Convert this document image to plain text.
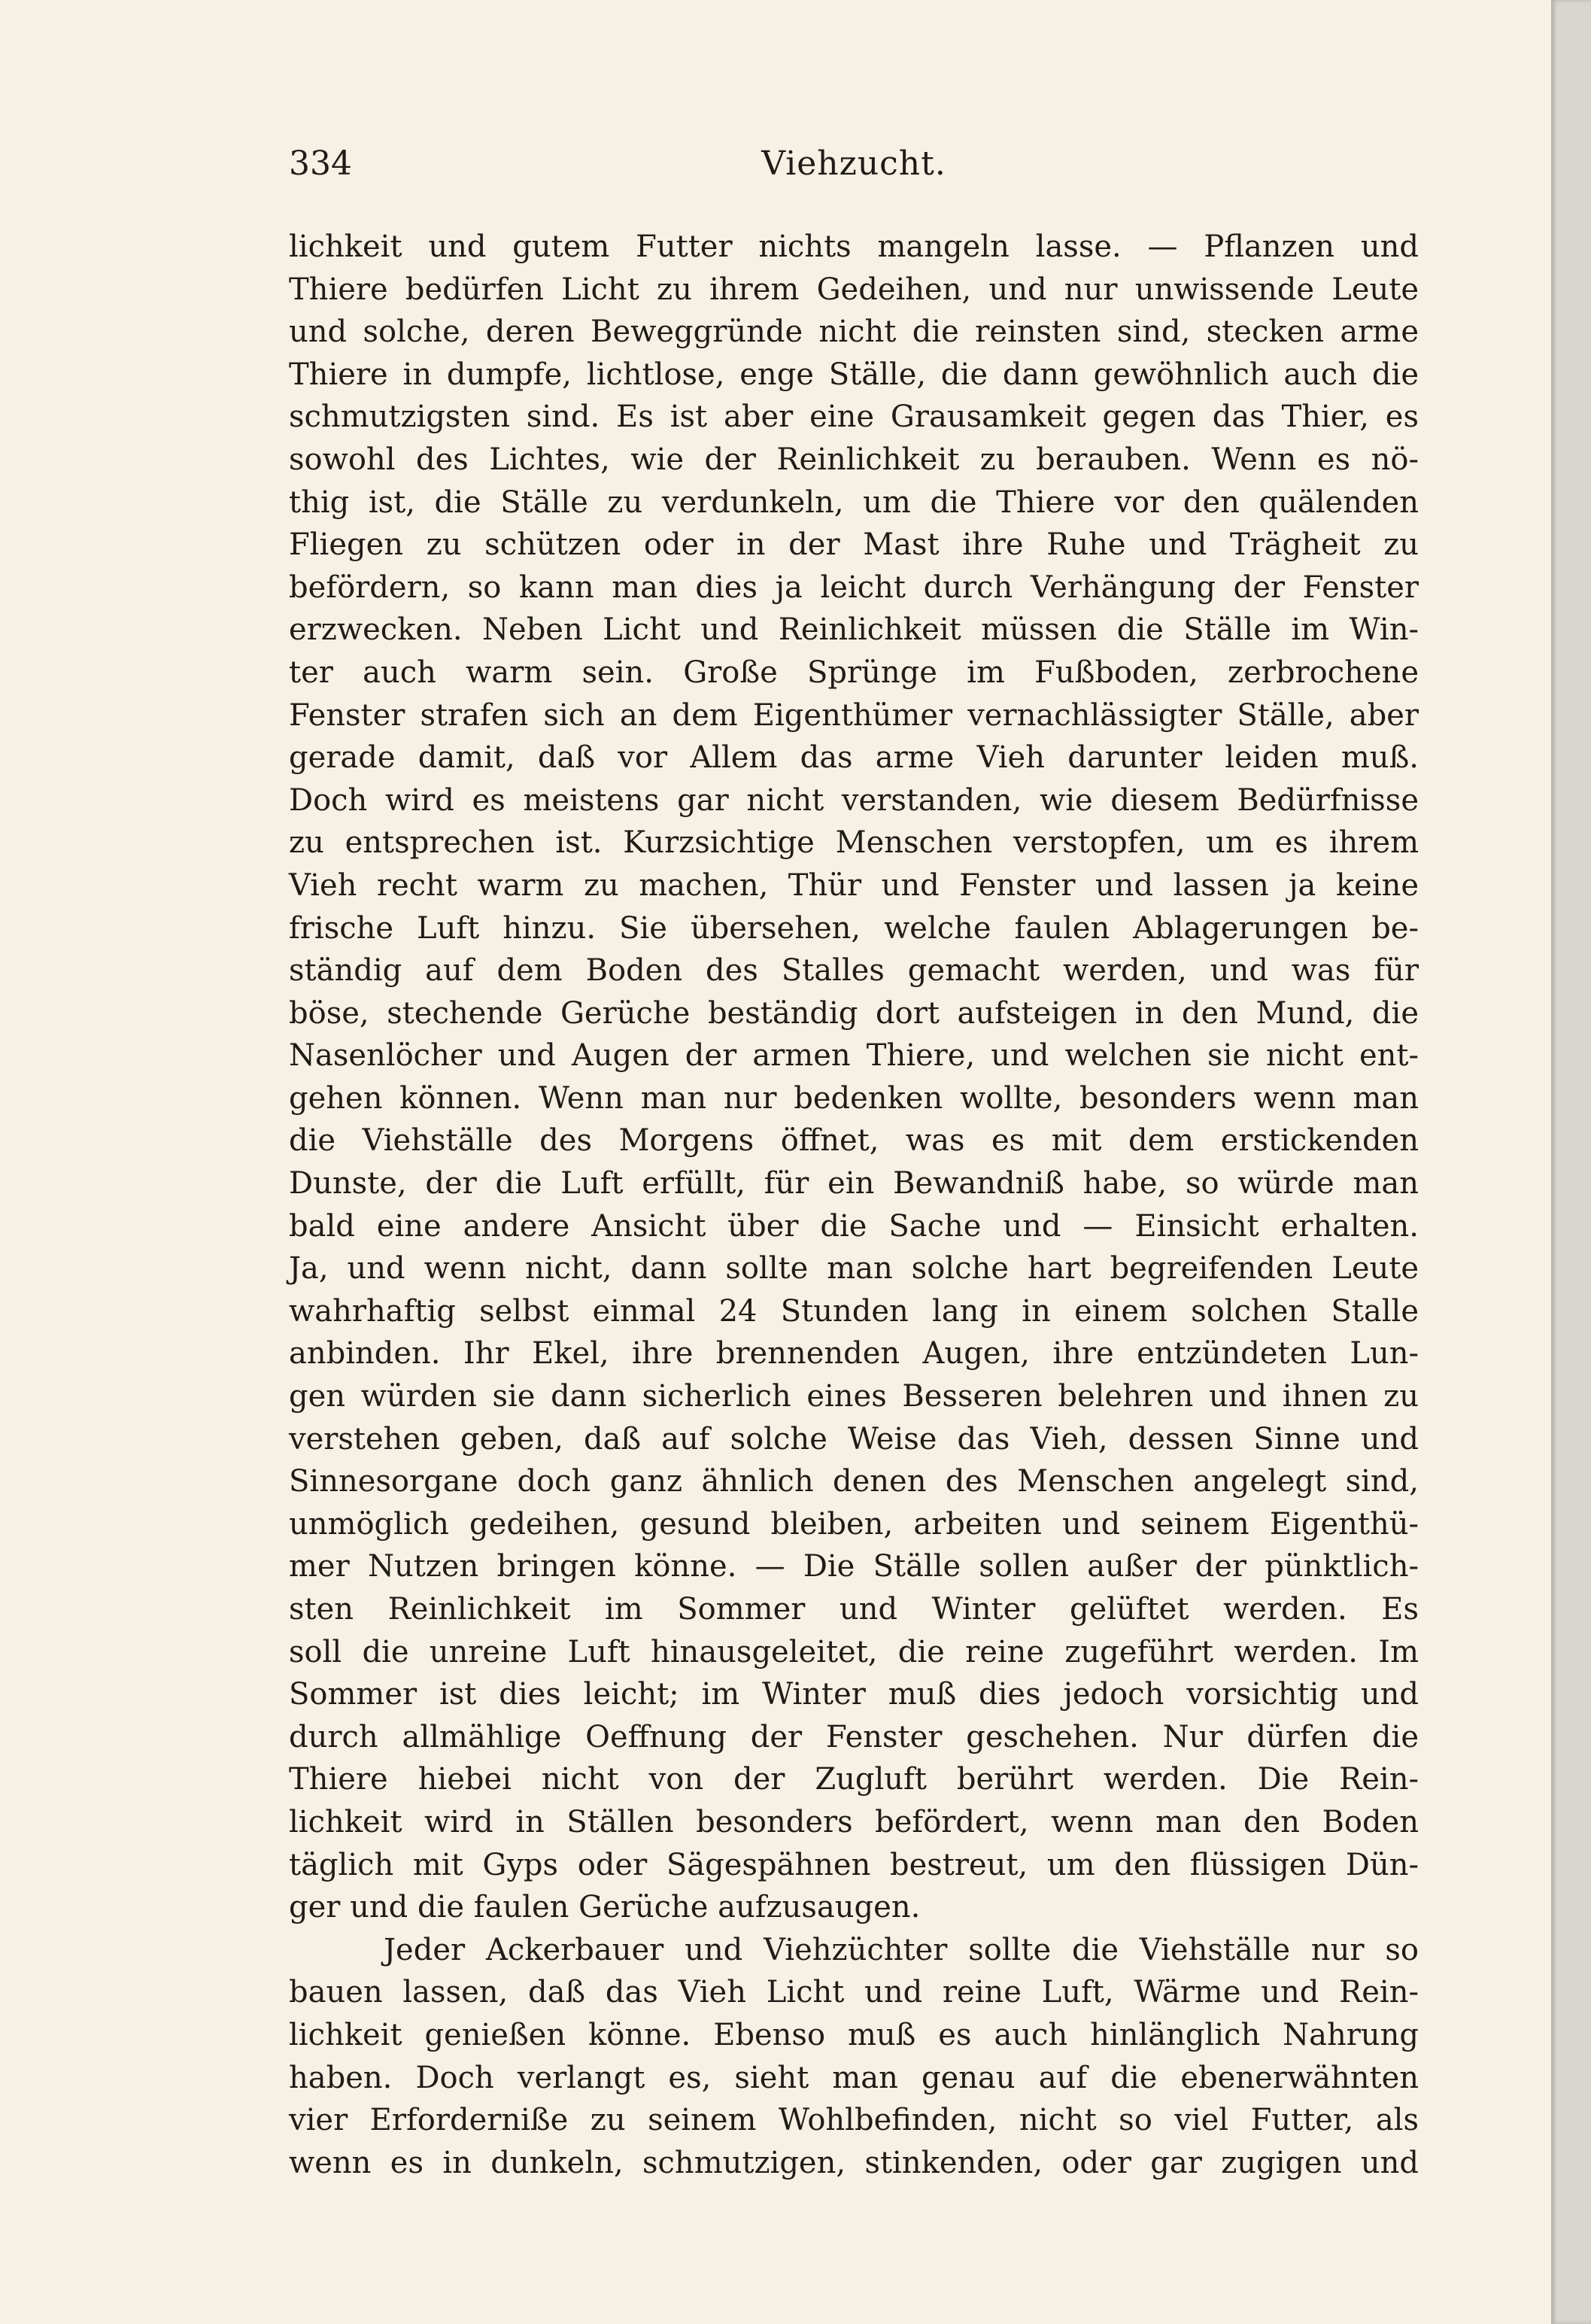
334	Viehzucht.
lichkeit und gutem Futter nichts mangeln lasse. — Pflanzen und
Thiere bedürfen Licht zu ihrem Gedeihen, und nur unwissende Leute
und solche, deren Beweggründe nicht die reinsten sind, stecken arme
Thiere in dumpfe, lichtlose, enge Ställe, die dann gewöhnlich auch die
schmutzigsten sind. Es ist aber eine Grausamkeit gegen das Thier, es
sowohl des Lichtes, wie der Reinlichkeit zu berauben. Wenn es nö-
thig ist, die Ställe zu verdunkeln, um die Thiere vor den quälenden
Fliegen zu schützen oder in der Mast ihre Ruhe und Trägheit zu
befördern, so kann man dies ja leicht durch Verhängung der Fenster
erzwecken. Neben Licht und Reinlichkeit müssen die Ställe im Win-
ter auch warm sein. Große Sprünge im Fußboden, zerbrochene
Fenster strafen sich an dem Eigenthümer vernachlässigter Ställe, aber
gerade damit, daß vor Allem das arme Vieh darunter leiden muß.
Doch wird es meistens gar nicht verstanden, wie diesem Bedürfnisse
zu entsprechen ist. Kurzsichtige Menschen verstopfen, um es ihrem
Vieh recht warm zu machen, Thür und Fenster und lassen ja keine
frische Luft hinzu. Sie übersehen, welche faulen Ablagerungen be-
ständig auf dem Boden des Stalles gemacht werden, und was für
böse, stechende Gerüche beständig dort aufsteigen in den Mund, die
Nasenlöcher und Augen der armen Thiere, und welchen sie nicht ent-
gehen können. Wenn man nur bedenken wollte, besonders wenn man
die Viehställe des Morgens öffnet, was es mit dem erstickenden
Dunste, der die Luft erfüllt, für ein Bewandniß habe, so würde man
bald eine andere Ansicht über die Sache und — Einsicht erhalten.
Ja, und wenn nicht, dann sollte man solche hart begreifenden Leute
wahrhaftig selbst einmal 24 Stunden lang in einem solchen Stalle
anbinden. Ihr Ekel, ihre brennenden Augen, ihre entzündeten Lun-
gen würden sie dann sicherlich eines Besseren belehren und ihnen zu
verstehen geben, daß auf solche Weise das Vieh, dessen Sinne und
Sinnesorgane doch ganz ähnlich denen des Menschen angelegt sind,
unmöglich gedeihen, gesund bleiben, arbeiten und seinem Eigenthü-
mer Nutzen bringen könne. — Die Ställe sollen außer der pünktlich-
sten Reinlichkeit im Sommer und Winter gelüftet werden. Es
soll die unreine Luft hinausgeleitet, die reine zugeführt werden. Im
Sommer ist dies leicht; im Winter muß dies jedoch vorsichtig und
durch allmählige Oeffnung der Fenster geschehen. Nur dürfen die
Thiere hiebei nicht von der Zugluft berührt werden. Die Rein-
lichkeit wird in Ställen besonders befördert, wenn man den Boden
täglich mit Gyps oder Sägespähnen bestreut, um den flüssigen Dün-
ger und die faulen Gerüche aufzusaugen.
Jeder Ackerbauer und Viehzüchter sollte die Viehställe nur so
bauen lassen, daß das Vieh Licht und reine Luft, Wärme und Rein-
lichkeit genießen könne. Ebenso muß es auch hinlänglich Nahrung
haben. Doch verlangt es, sieht man genau auf die ebenerwähnten
vier Erforderniße zu seinem Wohlbefinden, nicht so viel Futter, als
wenn es in dunkeln, schmutzigen, stinkenden, oder gar zugigen und
